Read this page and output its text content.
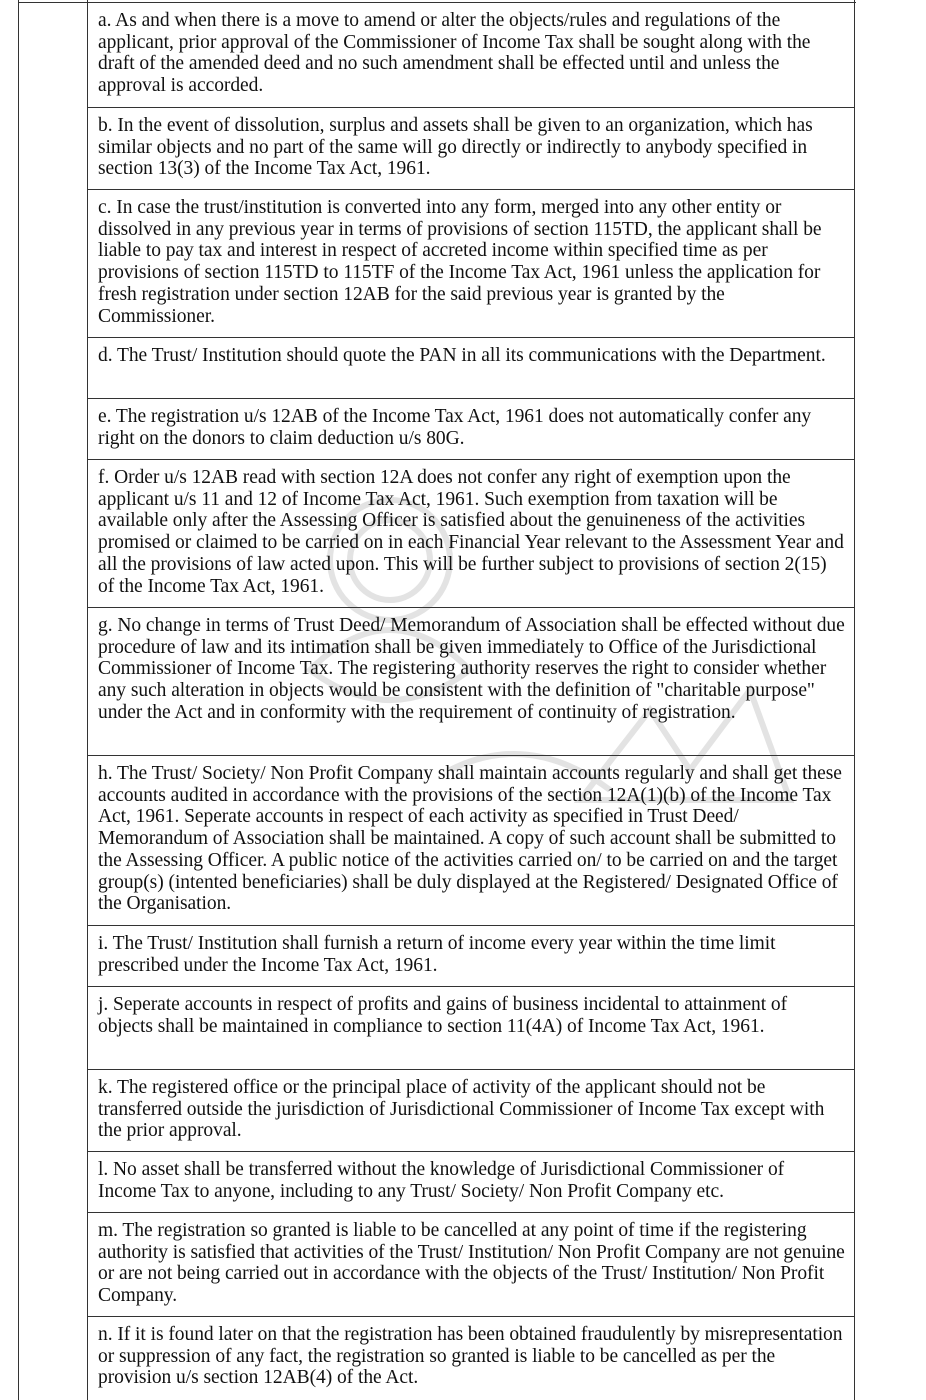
a. As and when there is a move to amend or alter the objects/rules and regulations of the applicant, prior approval of the Commissioner of Income Tax shall be sought along with the draft of the amended deed and no such amendment shall be effected until and unless the approval is accorded.
b. In the event of dissolution, surplus and assets shall be given to an organization, which has similar objects and no part of the same will go directly or indirectly to anybody specified in section 13(3) of the Income Tax Act, 1961.
c. In case the trust/institution is converted into any form, merged into any other entity or dissolved in any previous year in terms of provisions of section 115TD, the applicant shall be liable to pay tax and interest in respect of accreted income within specified time as per provisions of section 115TD to 115TF of the Income Tax Act, 1961 unless the application for fresh registration under section 12AB for the said previous year is granted by the Commissioner.
d. The Trust/ Institution should quote the PAN in all its communications with the Department.
e. The registration u/s 12AB of the Income Tax Act, 1961 does not automatically confer any right on the donors to claim deduction u/s 80G.
f. Order u/s 12AB read with section 12A does not confer any right of exemption upon the applicant u/s 11 and 12 of Income Tax Act, 1961. Such exemption from taxation will be available only after the Assessing Officer is satisfied about the genuineness of the activities promised or claimed to be carried on in each Financial Year relevant to the Assessment Year and all the provisions of law acted upon. This will be further subject to provisions of section 2(15) of the Income Tax Act, 1961.
g. No change in terms of Trust Deed/ Memorandum of Association shall be effected without due procedure of law and its intimation shall be given immediately to Office of the Jurisdictional Commissioner of Income Tax. The registering authority reserves the right to consider whether any such alteration in objects would be consistent with the definition of "charitable purpose" under the Act and in conformity with the requirement of continuity of registration.
h. The Trust/ Society/ Non Profit Company shall maintain accounts regularly and shall get these accounts audited in accordance with the provisions of the section 12A(1)(b) of the Income Tax Act, 1961. Seperate accounts in respect of each activity as specified in Trust Deed/ Memorandum of Association shall be maintained. A copy of such account shall be submitted to the Assessing Officer. A public notice of the activities carried on/ to be carried on and the target group(s) (intented beneficiaries) shall be duly displayed at the Registered/ Designated Office of the Organisation.
i. The Trust/ Institution shall furnish a return of income every year within the time limit prescribed under the Income Tax Act, 1961.
j. Seperate accounts in respect of profits and gains of business incidental to attainment of objects shall be maintained in compliance to section 11(4A) of Income Tax Act, 1961.
k. The registered office or the principal place of activity of the applicant should not be transferred outside the jurisdiction of Jurisdictional Commissioner of Income Tax except with the prior approval.
l. No asset shall be transferred without the knowledge of Jurisdictional Commissioner of Income Tax to anyone, including to any Trust/ Society/ Non Profit Company etc.
m. The registration so granted is liable to be cancelled at any point of time if the registering authority is satisfied that activities of the Trust/ Institution/ Non Profit Company are not genuine or are not being carried out in accordance with the objects of the Trust/ Institution/ Non Profit Company.
n. If it is found later on that the registration has been obtained fraudulently by misrepresentation or suppression of any fact, the registration so granted is liable to be cancelled as per the provision u/s section 12AB(4) of the Act.
